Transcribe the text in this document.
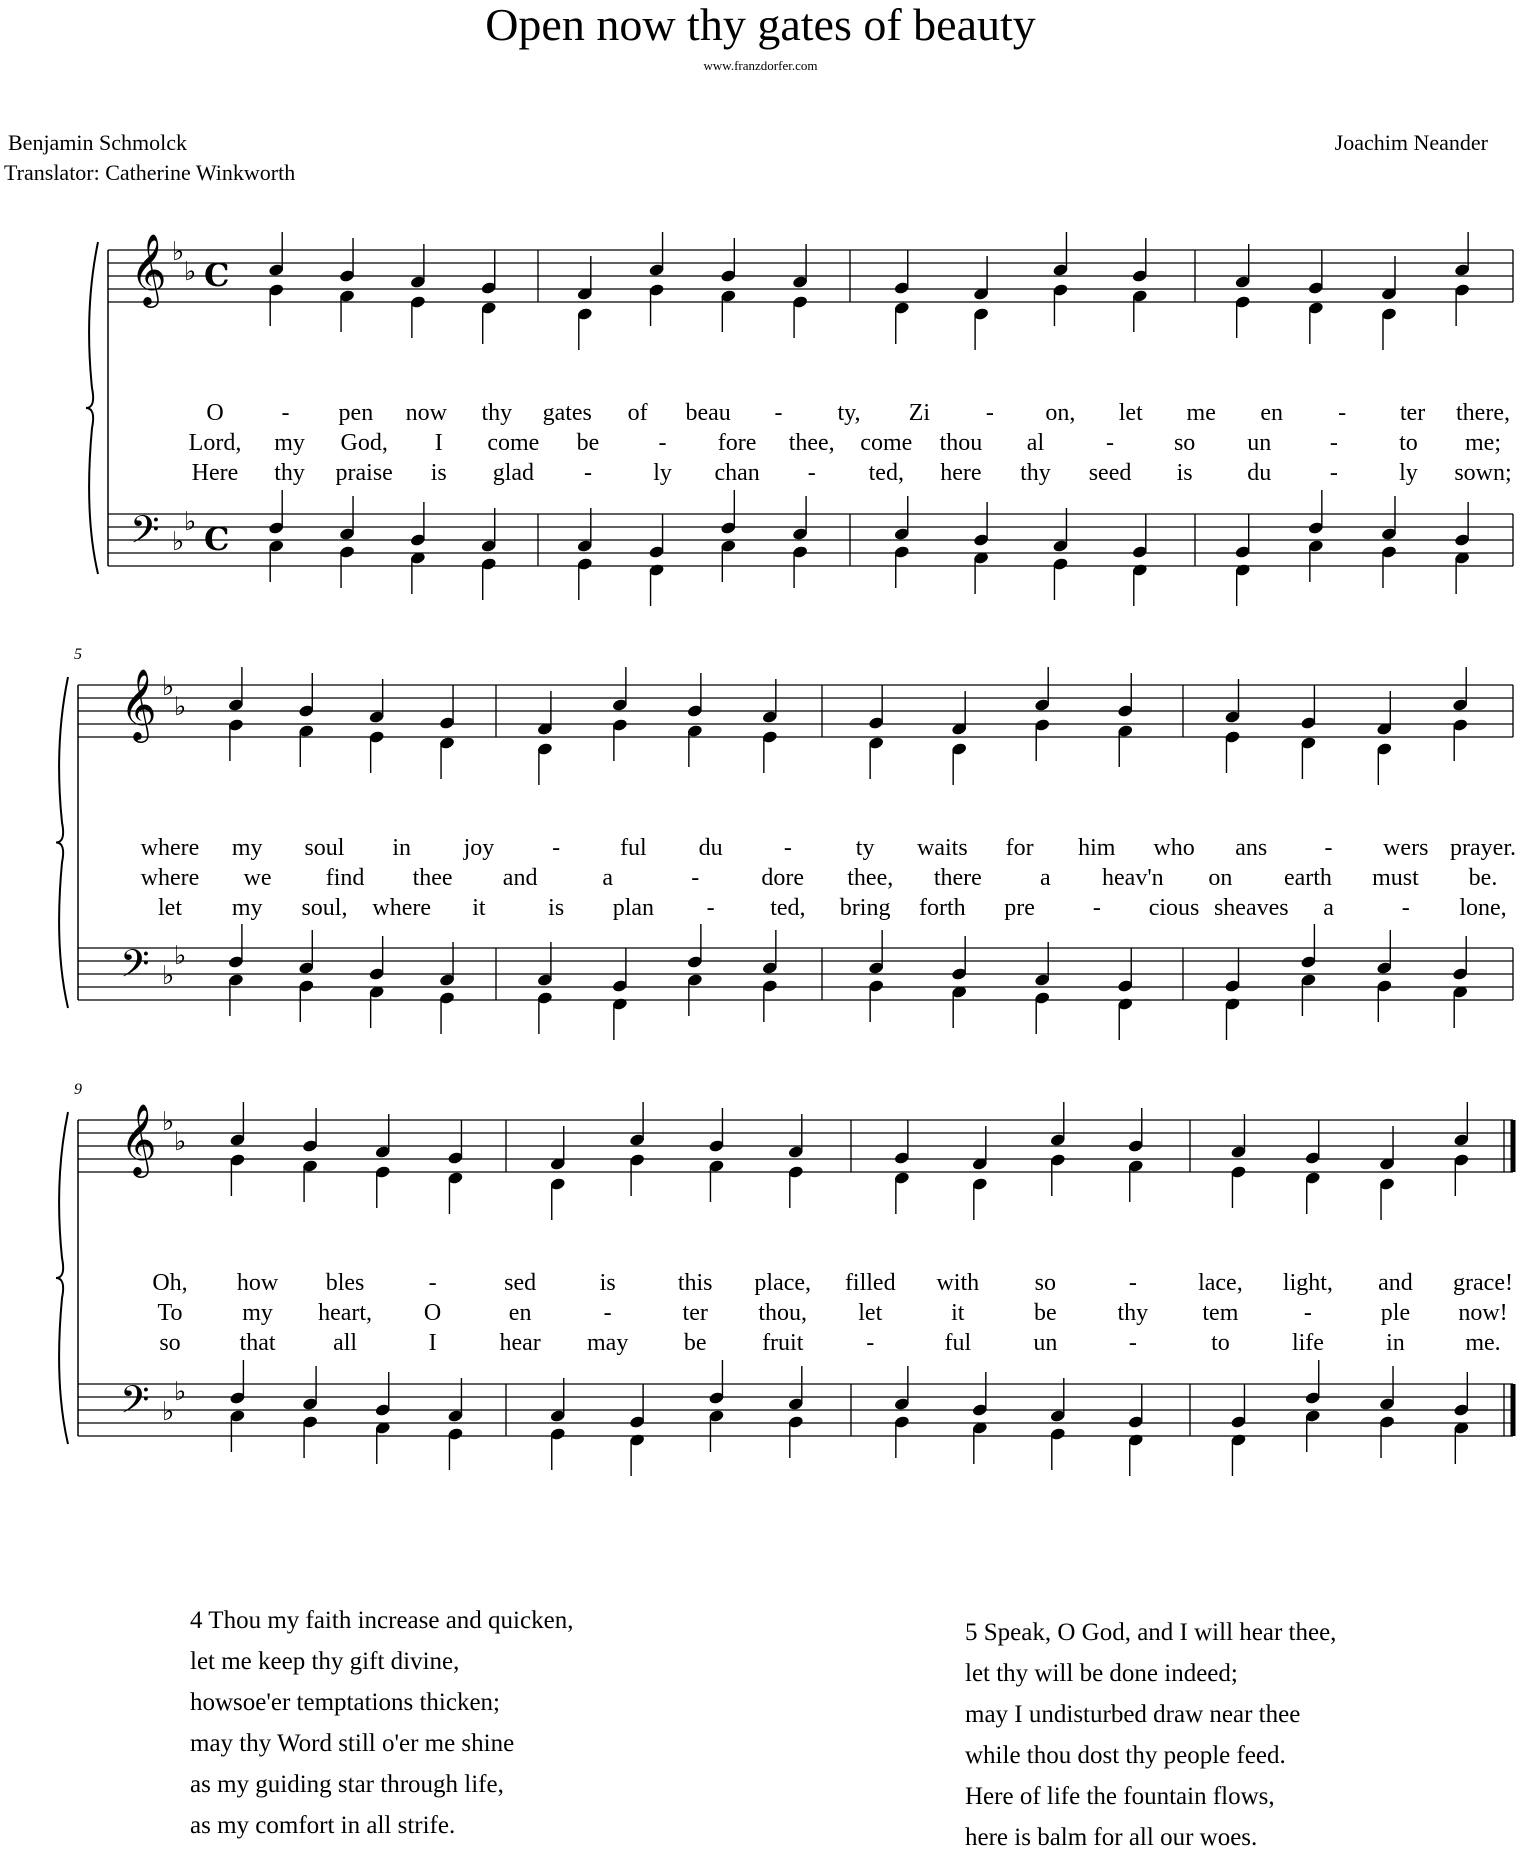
Open now thy gates of beauty
www.franzdorfer.com
Benjamin Schmolck
Translator: Catherine Winkworth
Joachim Neander
𝄞
𝄢
♭
♭
♭
♭
C
C
O - pen now thy gates of beau - ty, Zi - on, let me en - ter there,
Lord, my God, I come be - fore thee, come thou al	- so un -	to me;
Here thy praise is glad -	ly chan - ted, here thy seed is du -	ly sown;
𝄞
𝄢
♭
♭
♭
♭
5
where my soul in joy - ful du	-	ty waits for him who ans - wers prayer.
where we find thee and	a	-	dore thee, there a heav'n on earth must be.
let my soul, where it	is plan - ted, bring forth pre - cious sheaves a	- lone,
𝄞
𝄢
♭
♭
♭
♭
9
Oh, how bles	-	sed	is	this place, filled with so	-	lace, light, and grace!
To my heart, O	en	-	ter thou, let	it	be	thy tem	-	ple now!
so that all	I	hear may be fruit	-	ful	un	-	to	life	in	me.
4 Thou my faith increase and quicken,
let me keep thy gift divine,
howsoe'er temptations thicken;
may thy Word still o'er me shine
as my guiding star through life,
as my comfort in all strife.
5 Speak, O God, and I will hear thee,
let thy will be done indeed;
may I undisturbed draw near thee
while thou dost thy people feed.
Here of life the fountain flows,
here is balm for all our woes.
